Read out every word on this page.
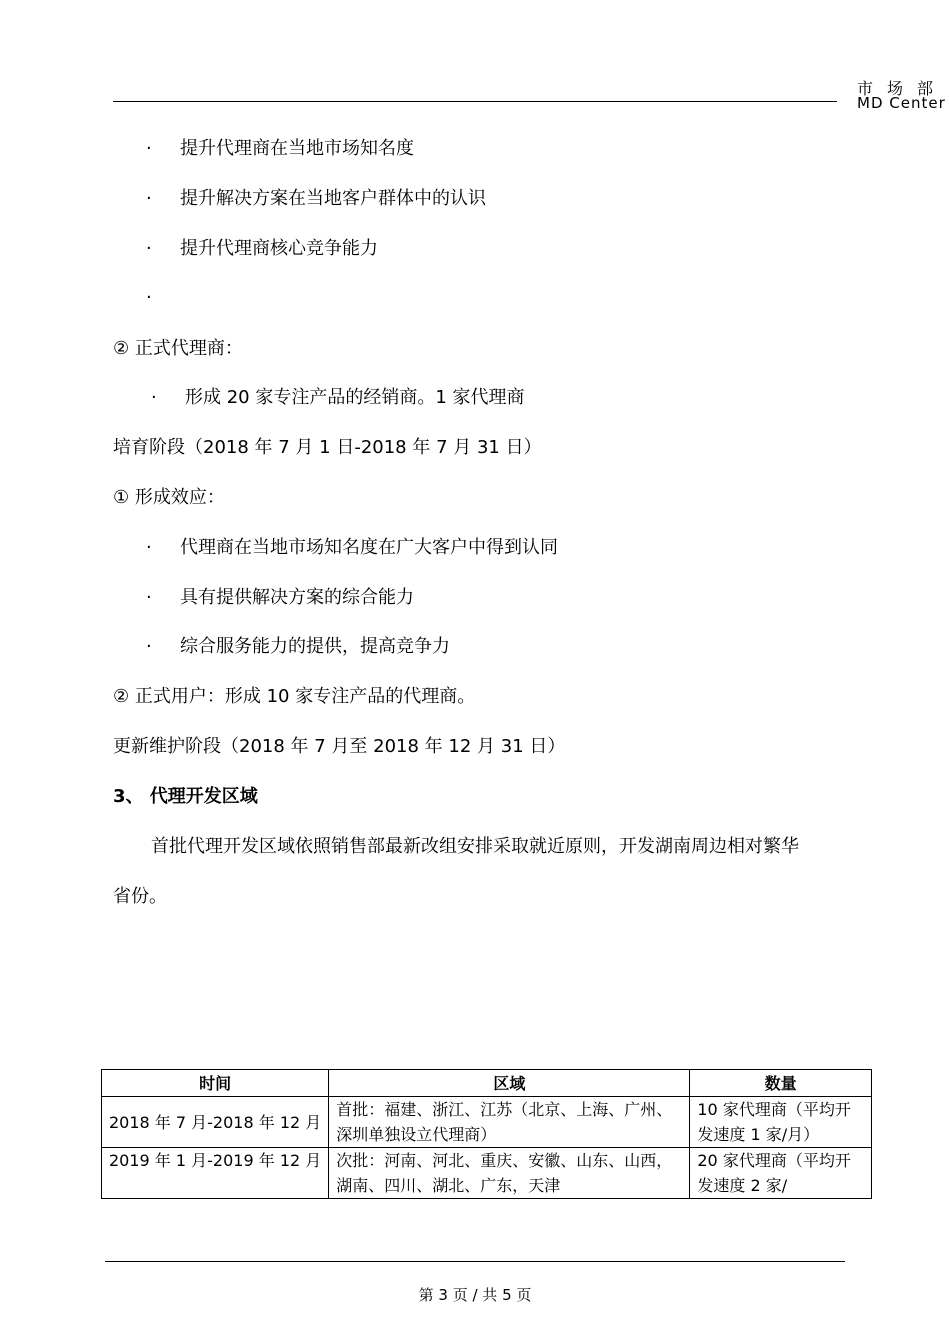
市场部
MD Center
· 提升代理商在当地市场知名度
· 提升解决方案在当地客户群体中的认识
· 提升代理商核心竞争能力
·
② 正式代理商：
· 形成 20 家专注产品的经销商。1 家代理商
培育阶段（2018 年 7 月 1 日-2018 年 7 月 31 日）
① 形成效应：
· 代理商在当地市场知名度在广大客户中得到认同
· 具有提供解决方案的综合能力
· 综合服务能力的提供，提高竞争力
② 正式用户：形成 10 家专注产品的代理商。
更新维护阶段（2018 年 7 月至 2018 年 12 月 31 日）
3、 代理开发区域
首批代理开发区域依照销售部最新改组安排采取就近原则，开发湖南周边相对繁华
省份。
时间	区域	数量
2018 年 7 月-2018 年 12 月	首批：福建、浙江、江苏（北京、上海、广州、深圳单独设立代理商）	10 家代理商（平均开发速度 1 家/月）
2019 年 1 月-2019 年 12 月	次批：河南、河北、重庆、安徽、山东、山西，湖南、四川、湖北、广东，天津	20 家代理商（平均开发速度 2 家/
第 3 页 / 共 5 页
